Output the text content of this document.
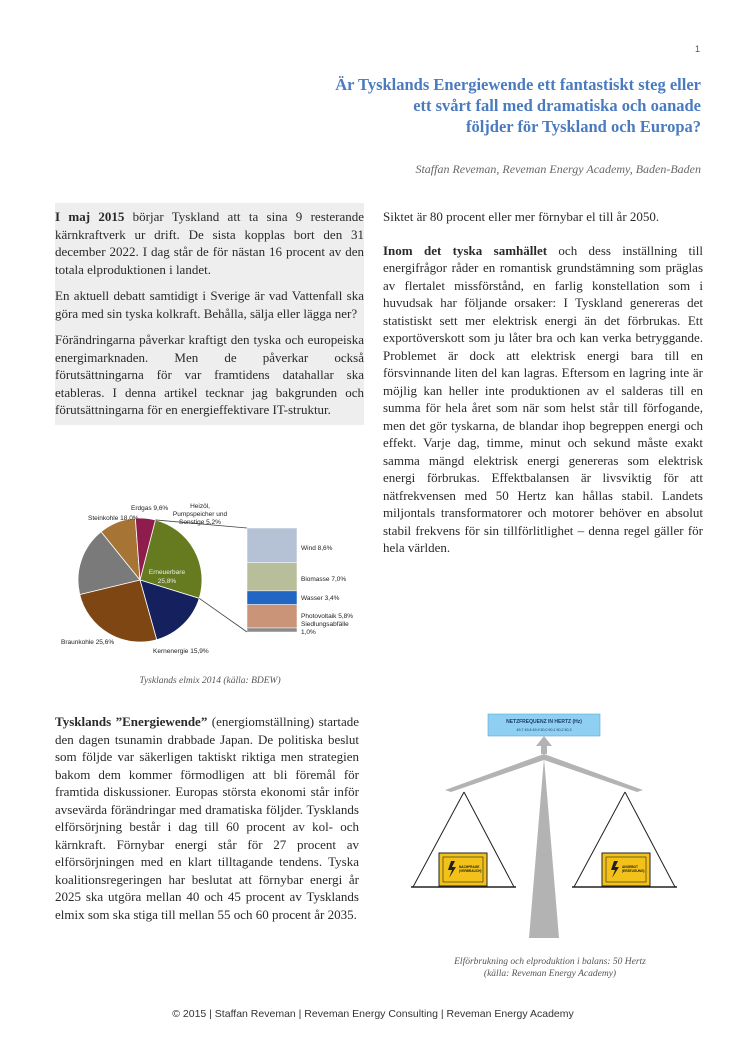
1
Är Tysklands Energiewende ett fantastiskt steg eller
ett svårt fall med dramatiska och oanade
följder för Tyskland och Europa?
Staffan Reveman, Reveman Energy Academy, Baden-Baden

I maj 2015 börjar Tyskland att ta sina 9 resterande kärnkraftverk ur drift. De sista kopplas bort den 31 december 2022. I dag står de för nästan 16 procent av den totala elproduktionen i landet.

En aktuell debatt samtidigt i Sverige är vad Vattenfall ska göra med sin tyska kolkraft. Behålla, sälja eller lägga ner?

Förändringarna påverkar kraftigt den tyska och europeiska energimarknaden. Men de påverkar också förutsättningarna för var framtidens datahallar ska etableras. I denna artikel tecknar jag bakgrunden och förutsättningarna för en energieffektivare IT-struktur.

Siktet är 80 procent eller mer förnybar el till år 2050.

Inom det tyska samhället och dess inställning till energifrågor råder en romantisk grundstämning som präglas av flertalet missförstånd, en farlig konstellation som i huvudsak har följande orsaker: I Tyskland genereras det statistiskt sett mer elektrisk energi än det förbrukas. Ett exportöverskott som ju låter bra och kan verka betryggande. Problemet är dock att elektrisk energi bara till en försvinnande liten del kan lagras. Eftersom en lagring inte är möjlig kan heller inte produktionen av el salderas till en summa för hela året som när som helst står till förfogande, men det gör tyskarna, de blandar ihop begreppen energi och effekt. Varje dag, timme, minut och sekund måste exakt samma mängd elektrisk energi genereras som elektrisk energi förbrukas. Effektbalansen är livsviktig för att nätfrekvensen med 50 Hertz kan hållas stabil. Landets miljontals transformatorer och motorer behöver en absolut stabil frekvens för sin tillförlitlighet – denna regel gäller för hela världen.

Steinkohle 18,0%
Erdgas 9,6%	Heizöl,
Pumpspeicher und
Sonstige 5,2%
Erneuerbare
25,8%
Braunkohle 25,6%
Kernenergie 15,9%
Wind 8,6%
Biomasse 7,0%
Wasser 3,4%
Photovoltaik 5,8%
Siedlungsabfälle
1,0%
Tysklands elmix 2014 (källa: BDEW)

Tysklands ”Energiewende” (energiomställning) startade den dagen tsunamin drabbade Japan. De politiska beslut som följde var säkerligen taktiskt riktiga men strategien bakom dem kommer förmodligen att bli föremål för framtida diskussioner. Europas största ekonomi står inför avsevärda förändringar med dramatiska följder. Tysklands elförsörjning består i dag till 60 procent av kol- och kärnkraft. Förnybar energi står för 27 procent av elförsörjningen med en klart tilltagande tendens. Tyska koalitionsregeringen har beslutat att förnybar energi år 2025 ska utgöra mellan 40 och 45 procent av Tysklands elmix som ska stiga till mellan 55 och 60 procent år 2035.

NETZFREQUENZ IN HERTZ (Hz)
49,7 49,8 49,9 50,0 50,1 50,2 50,3
NACHFRAGE
(VERBRAUCH)
ANGEBOT
(ERZEUGUNG)
Elförbrukning och elproduktion i balans: 50 Hertz
(källa: Reveman Energy Academy)
© 2015 | Staffan Reveman | Reveman Energy Consulting | Reveman Energy Academy
